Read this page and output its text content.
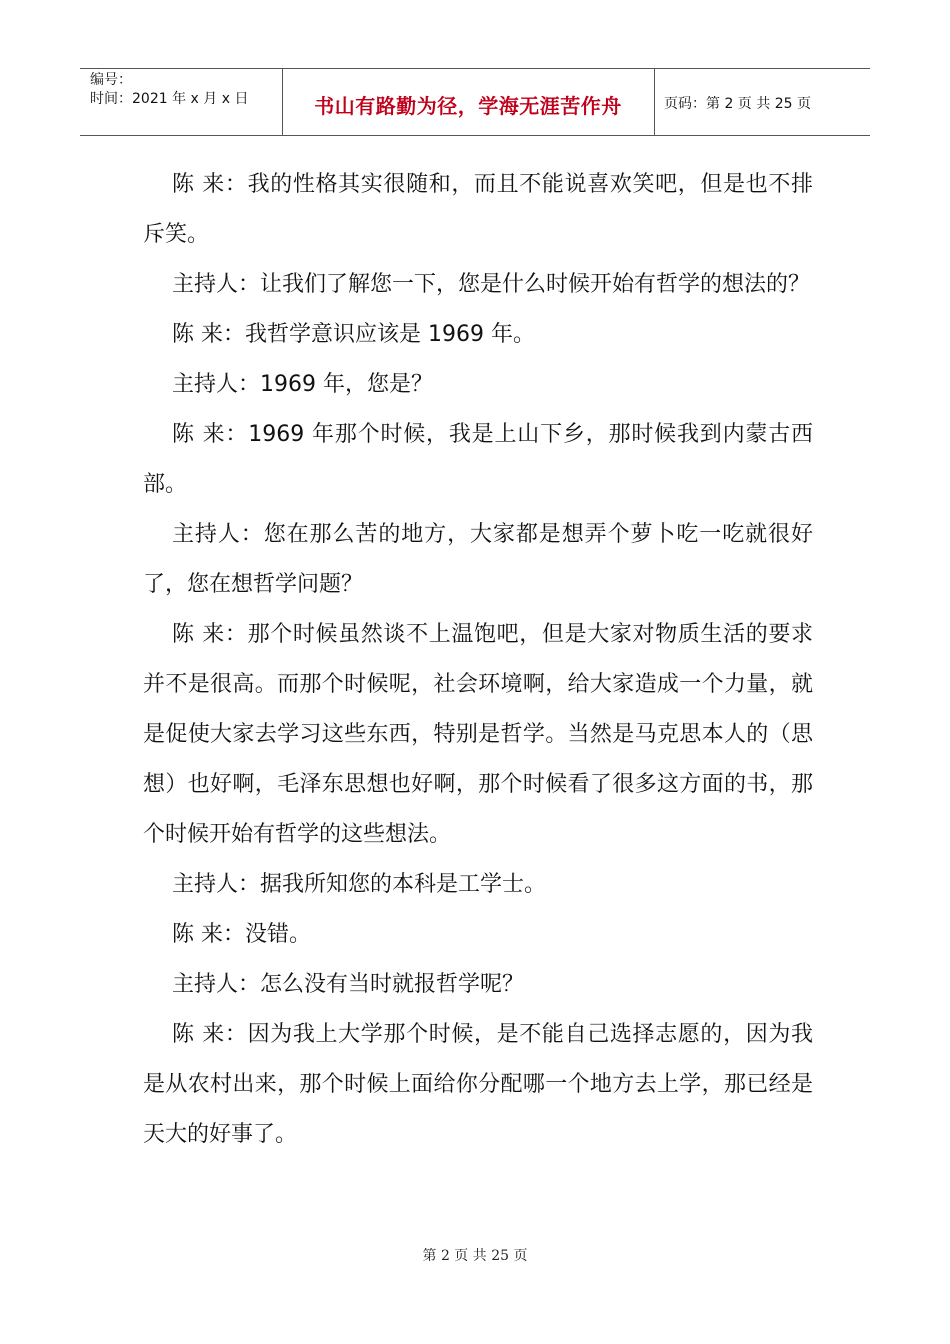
编号：
时间：2021 年 x 月 x 日	书山有路勤为径，学海无涯苦作舟	页码：第 2 页 共 25 页

陈 来：我的性格其实很随和，而且不能说喜欢笑吧，但是也不排斥笑。

主持人：让我们了解您一下，您是什么时候开始有哲学的想法的？

陈 来：我哲学意识应该是 1969 年。

主持人：1969 年，您是？

陈 来：1969 年那个时候，我是上山下乡，那时候我到内蒙古西部。

主持人：您在那么苦的地方，大家都是想弄个萝卜吃一吃就很好了，您在想哲学问题？

陈 来：那个时候虽然谈不上温饱吧，但是大家对物质生活的要求并不是很高。而那个时候呢，社会环境啊，给大家造成一个力量，就是促使大家去学习这些东西，特别是哲学。当然是马克思本人的（思想）也好啊，毛泽东思想也好啊，那个时候看了很多这方面的书，那个时候开始有哲学的这些想法。

主持人：据我所知您的本科是工学士。

陈 来：没错。

主持人：怎么没有当时就报哲学呢？

陈 来：因为我上大学那个时候，是不能自己选择志愿的，因为我是从农村出来，那个时候上面给你分配哪一个地方去上学，那已经是天大的好事了。

第 2 页 共 25 页
